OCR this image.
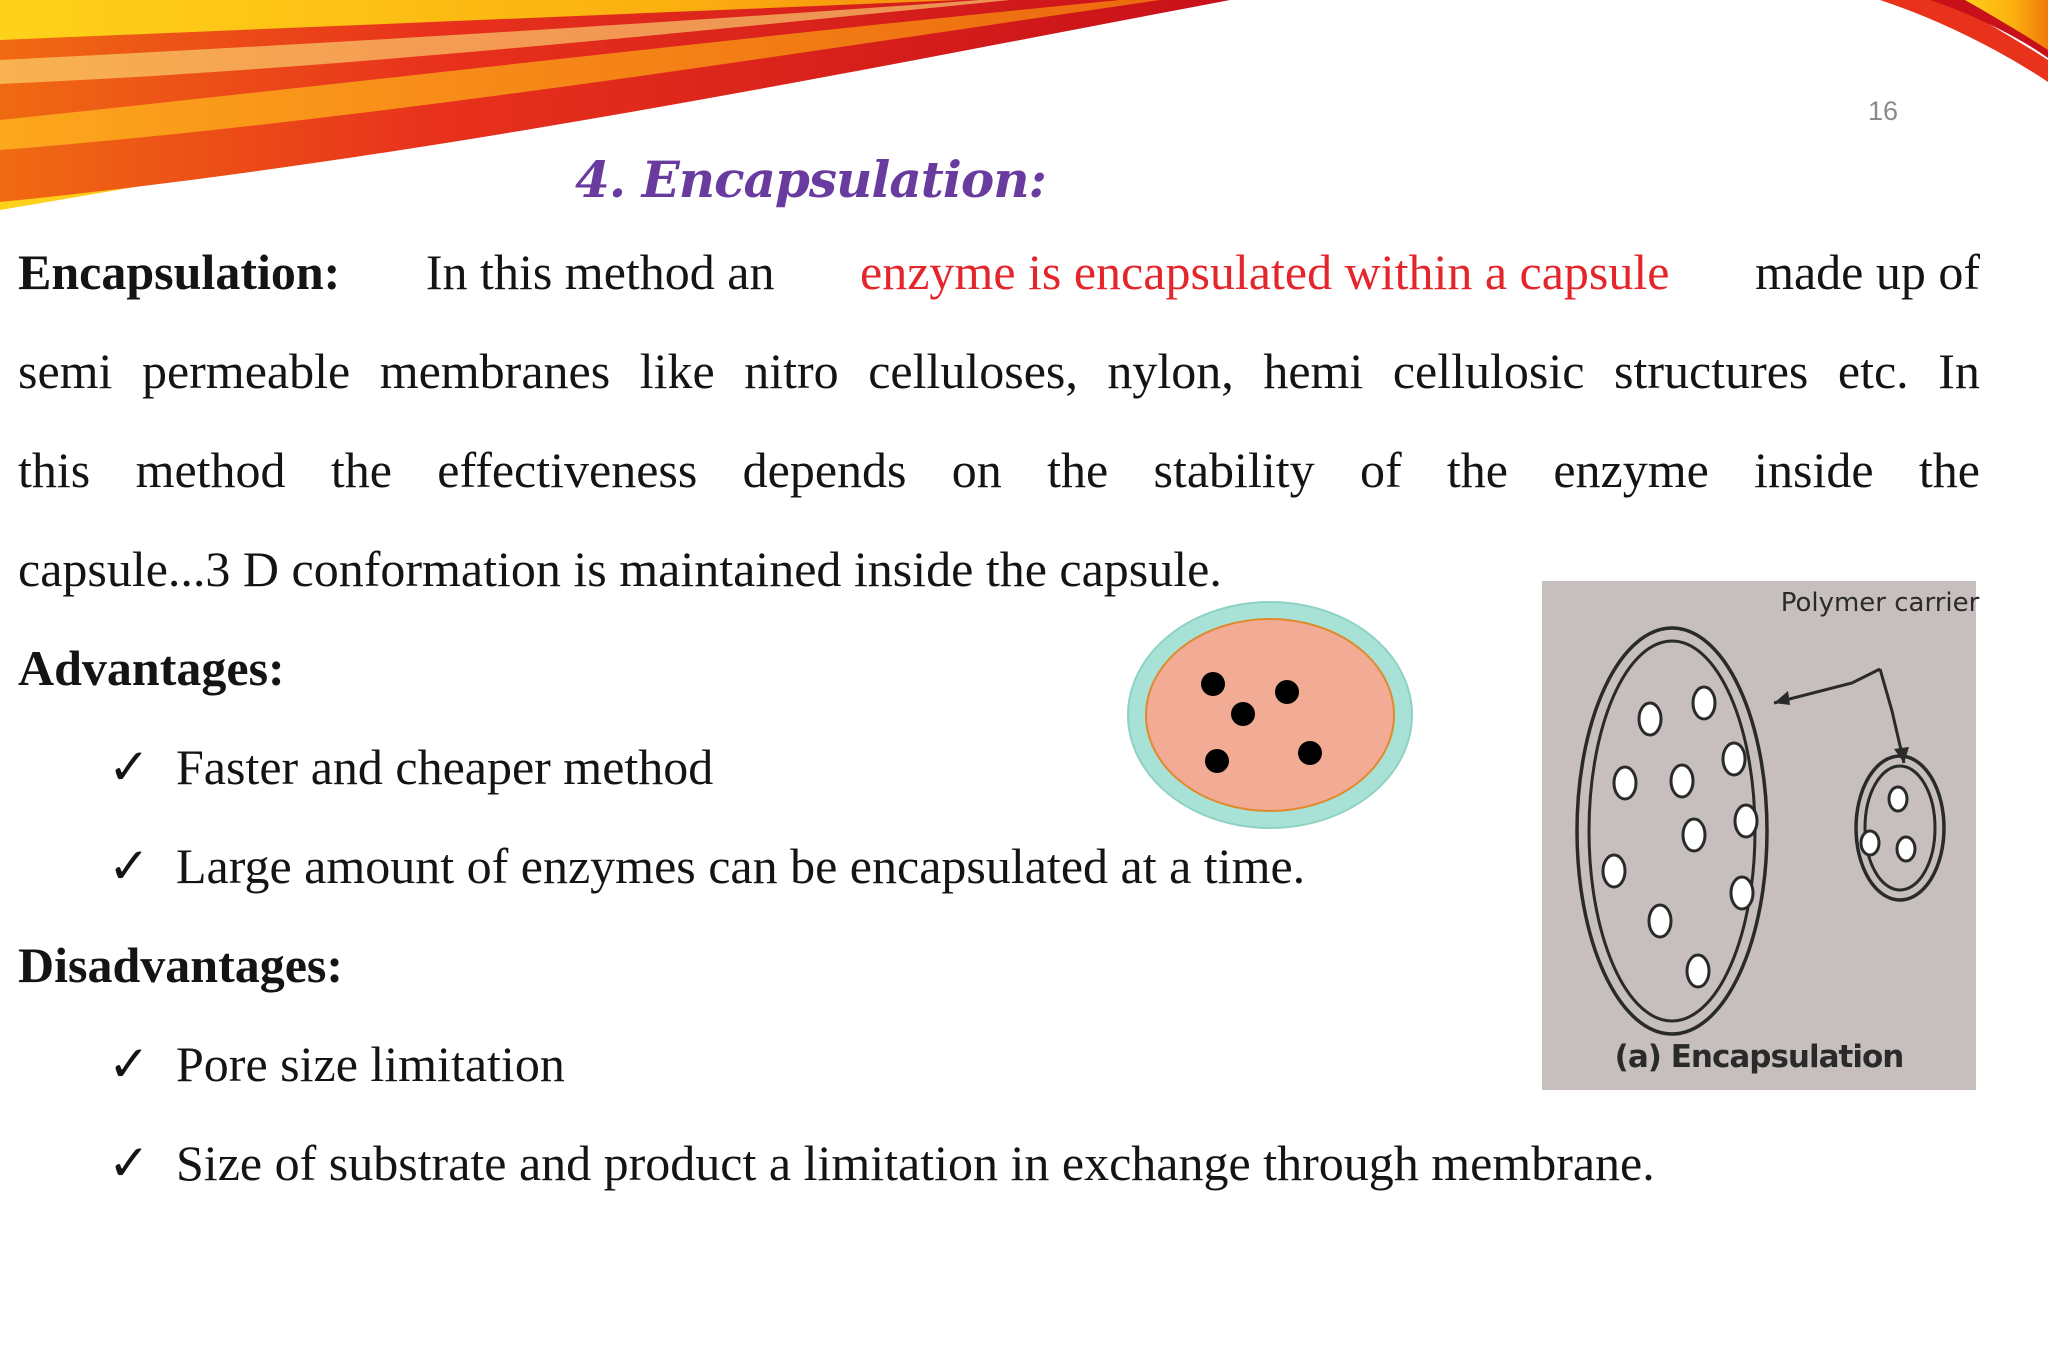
16
4. Encapsulation:
Encapsulation: In this method an enzyme is encapsulated within a capsule made up of
semi permeable membranes like nitro celluloses, nylon, hemi cellulosic structures etc. In
this method the effectiveness depends on the stability of the enzyme inside the
capsule...3 D conformation is maintained inside the capsule.
Advantages:
✓ Faster and cheaper method
✓ Large amount of enzymes can be encapsulated at a time.
Disadvantages:
✓ Pore size limitation
✓ Size of substrate and product a limitation in exchange through membrane.
Polymer carrier
(a) Encapsulation
